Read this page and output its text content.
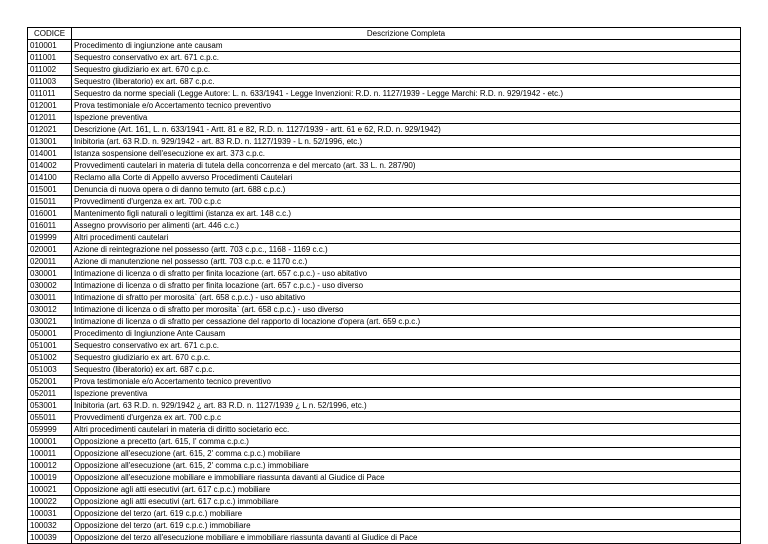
CODICE	Descrizione Completa
010001	Procedimento di ingiunzione ante causam
011001	Sequestro conservativo ex art. 671 c.p.c.
011002	Sequestro giudiziario ex art. 670 c.p.c.
011003	Sequestro (liberatorio) ex art. 687 c.p.c.
011011	Sequestro da norme speciali (Legge Autore: L. n. 633/1941 - Legge Invenzioni: R.D. n. 1127/1939 - Legge Marchi: R.D. n. 929/1942 - etc.)
012001	Prova testimoniale e/o Accertamento tecnico preventivo
012011	Ispezione preventiva
012021	Descrizione (Art. 161, L. n. 633/1941 - Artt. 81 e 82, R.D. n. 1127/1939 - artt. 61 e 62, R.D. n. 929/1942)
013001	Inibitoria (art. 63 R.D. n. 929/1942 - art. 83 R.D. n. 1127/1939 - L n. 52/1996, etc.)
014001	Istanza sospensione dell'esecuzione ex art. 373 c.p.c.
014002	Provvedimenti cautelari in materia di tutela della concorrenza e del mercato (art. 33 L. n. 287/90)
014100	Reclamo alla Corte di Appello avverso Procedimenti Cautelari
015001	Denuncia di nuova opera o di danno temuto (art. 688 c.p.c.)
015011	Provvedimenti d'urgenza ex art. 700 c.p.c
016001	Mantenimento figli naturali o legittimi (istanza ex art. 148 c.c.)
016011	Assegno provvisorio per alimenti (art. 446 c.c.)
019999	Altri procedimenti cautelari
020001	Azione di reintegrazione nel possesso (artt. 703 c.p.c., 1168 - 1169 c.c.)
020011	Azione di manutenzione nel possesso (artt. 703 c.p.c. e 1170 c.c.)
030001	Intimazione di licenza o di sfratto per finita locazione (art. 657 c.p.c.) - uso abitativo
030002	Intimazione di licenza o di sfratto per finita locazione (art. 657 c.p.c.) - uso diverso
030011	Intimazione di sfratto per morosita` (art. 658 c.p.c.) - uso abitativo
030012	Intimazione di licenza o di sfratto per morosita` (art. 658 c.p.c.) - uso diverso
030021	Intimazione di licenza o di sfratto per cessazione del rapporto di locazione d'opera (art. 659 c.p.c.)
050001	Procedimento di Ingiunzione Ante Causam
051001	Sequestro conservativo ex art. 671 c.p.c.
051002	Sequestro giudiziario ex art. 670 c.p.c.
051003	Sequestro (liberatorio) ex art. 687 c.p.c.
052001	Prova testimoniale e/o Accertamento tecnico preventivo
052011	Ispezione preventiva
053001	Inibitoria (art. 63 R.D. n. 929/1942 ¿ art. 83 R.D. n. 1127/1939 ¿ L n. 52/1996, etc.)
055011	Provvedimenti d'urgenza ex art. 700 c.p.c
059999	Altri procedimenti cautelari in materia di diritto societario ecc.
100001	Opposizione a precetto (art. 615, I' comma c.p.c.)
100011	Opposizione all'esecuzione (art. 615, 2' comma c.p.c.) mobiliare
100012	Opposizione all'esecuzione (art. 615, 2' comma c.p.c.) immobiliare
100019	Opposizione all'esecuzione mobiliare e immobiliare riassunta davanti al Giudice di Pace
100021	Opposizione agli atti esecutivi (art. 617 c.p.c.) mobiliare
100022	Opposizione agli atti esecutivi (art. 617 c.p.c.) immobiliare
100031	Opposizione del terzo (art. 619 c.p.c.) mobiliare
100032	Opposizione del terzo (art. 619 c.p.c.) immobiliare
100039	Opposizione del terzo all'esecuzione mobiliare e immobiliare riassunta davanti al Giudice di Pace
